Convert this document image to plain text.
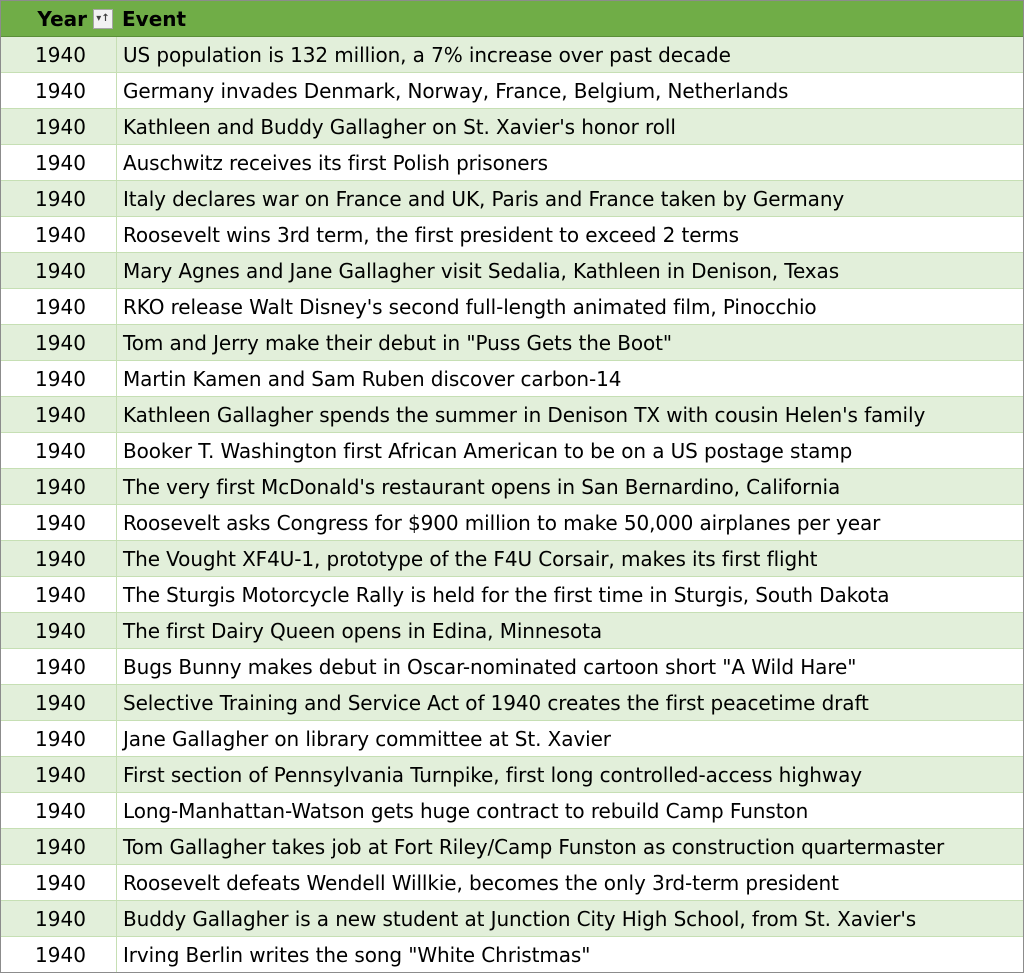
Year ▾↑ Event
1940	US population is 132 million, a 7% increase over past decade
1940	Germany invades Denmark, Norway, France, Belgium, Netherlands
1940	Kathleen and Buddy Gallagher on St. Xavier's honor roll
1940	Auschwitz receives its first Polish prisoners
1940	Italy declares war on France and UK, Paris and France taken by Germany
1940	Roosevelt wins 3rd term, the first president to exceed 2 terms
1940	Mary Agnes and Jane Gallagher visit Sedalia, Kathleen in Denison, Texas
1940	RKO release Walt Disney's second full-length animated film, Pinocchio
1940	Tom and Jerry make their debut in "Puss Gets the Boot"
1940	Martin Kamen and Sam Ruben discover carbon-14
1940	Kathleen Gallagher spends the summer in Denison TX with cousin Helen's family
1940	Booker T. Washington first African American to be on a US postage stamp
1940	The very first McDonald's restaurant opens in San Bernardino, California
1940	Roosevelt asks Congress for $900 million to make 50,000 airplanes per year
1940	The Vought XF4U-1, prototype of the F4U Corsair, makes its first flight
1940	The Sturgis Motorcycle Rally is held for the first time in Sturgis, South Dakota
1940	The first Dairy Queen opens in Edina, Minnesota
1940	Bugs Bunny makes debut in Oscar-nominated cartoon short "A Wild Hare"
1940	Selective Training and Service Act of 1940 creates the first peacetime draft
1940	Jane Gallagher on library committee at St. Xavier
1940	First section of Pennsylvania Turnpike, first long controlled-access highway
1940	Long-Manhattan-Watson gets huge contract to rebuild Camp Funston
1940	Tom Gallagher takes job at Fort Riley/Camp Funston as construction quartermaster
1940	Roosevelt defeats Wendell Willkie, becomes the only 3rd-term president
1940	Buddy Gallagher is a new student at Junction City High School, from St. Xavier's
1940	Irving Berlin writes the song "White Christmas"
